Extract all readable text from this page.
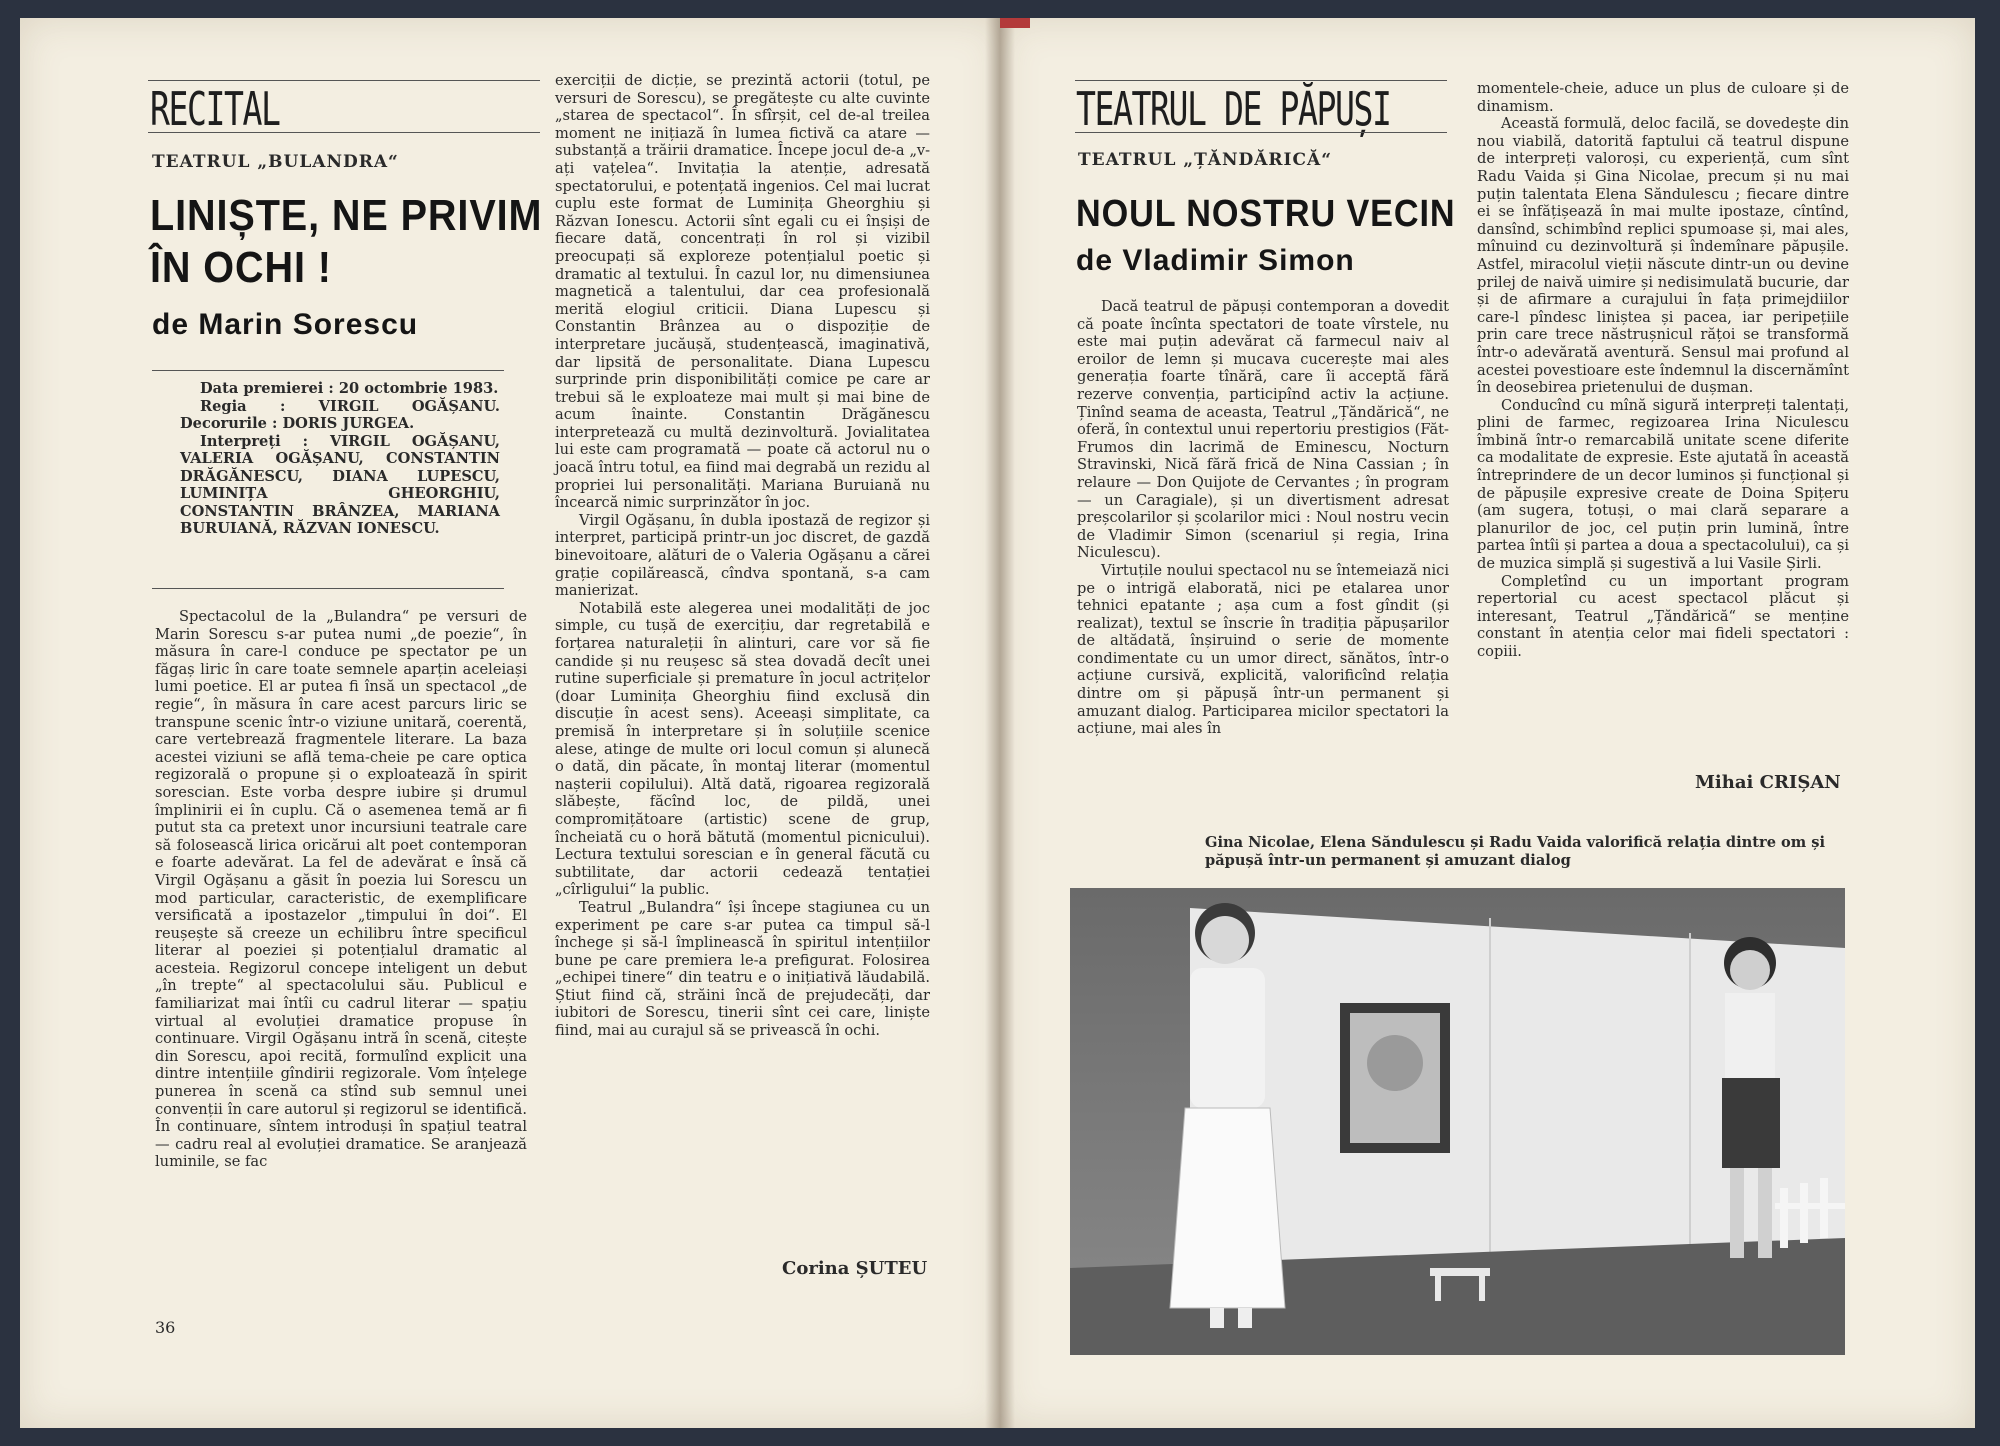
RECITAL
TEATRUL „BULANDRA“
LINIȘTE, NE PRIVIM
ÎN OCHI !
de Marin Sorescu

Data premierei : 20 octombrie 1983.

Regia : VIRGIL OGĂȘANU. Decorurile : DORIS JURGEA.

Interpreți : VIRGIL OGĂȘANU, VALERIA OGĂȘANU, CONSTANTIN DRĂGĂNESCU, DIANA LUPESCU, LUMINIȚA GHEORGHIU, CONSTANTIN BRÂNZEA, MARIANA BURUIANĂ, RĂZVAN IONESCU.

Spectacolul de la „Bulandra“ pe versuri de Marin Sorescu s-ar putea numi „de poezie“, în măsura în care-l conduce pe spectator pe un făgaș liric în care toate semnele aparțin aceleiași lumi poetice. El ar putea fi însă un spectacol „de regie“, în măsura în care acest parcurs liric se transpune scenic într-o viziune unitară, coerentă, care vertebrează fragmentele literare. La baza acestei viziuni se află tema-cheie pe care optica regizorală o propune și o exploatează în spirit sorescian. Este vorba despre iubire și drumul împlinirii ei în cuplu. Că o asemenea temă ar fi putut sta ca pretext unor incursiuni teatrale care să folosească lirica oricărui alt poet contemporan e foarte adevărat. La fel de adevărat e însă că Virgil Ogășanu a găsit în poezia lui Sorescu un mod particular, caracteristic, de exemplificare versificată a ipostazelor „timpului în doi“. El reușește să creeze un echilibru între specificul literar al poeziei și potențialul dramatic al acesteia. Regizorul concepe inteligent un debut „în trepte“ al spectacolului său. Publicul e familiarizat mai întîi cu cadrul literar — spațiu virtual al evoluției dramatice propuse în continuare. Virgil Ogășanu intră în scenă, citește din Sorescu, apoi recită, formulînd explicit una dintre intențiile gîndirii regizorale. Vom înțelege punerea în scenă ca stînd sub semnul unei convenții în care autorul și regizorul se identifică. În continuare, sîntem introduși în spațiul teatral — cadru real al evoluției dramatice. Se aranjează luminile, se fac

exerciții de dicție, se prezintă actorii (totul, pe versuri de Sorescu), se pregătește cu alte cuvinte „starea de spectacol“. În sfîrșit, cel de-al treilea moment ne inițiază în lumea fictivă ca atare — substanță a trăirii dramatice. Începe jocul de-a „v-ați vațelea“. Invitația la atenție, adresată spectatorului, e potențată ingenios. Cel mai lucrat cuplu este format de Luminița Gheorghiu și Răzvan Ionescu. Actorii sînt egali cu ei înșiși de fiecare dată, concentrați în rol și vizibil preocupați să exploreze potențialul poetic și dramatic al textului. În cazul lor, nu dimensiunea magnetică a talentului, dar cea profesională merită elogiul criticii. Diana Lupescu și Constantin Brânzea au o dispoziție de interpretare jucăușă, studențească, imaginativă, dar lipsită de personalitate. Diana Lupescu surprinde prin disponibilități comice pe care ar trebui să le exploateze mai mult și mai bine de acum înainte. Constantin Drăgănescu interpretează cu multă dezinvoltură. Jovialitatea lui este cam programată — poate că actorul nu o joacă întru totul, ea fiind mai degrabă un rezidu al propriei lui personalități. Mariana Buruiană nu încearcă nimic surprinzător în joc.

Virgil Ogășanu, în dubla ipostază de regizor și interpret, participă printr-un joc discret, de gazdă binevoitoare, alături de o Valeria Ogășanu a cărei grație copilărească, cîndva spontană, s-a cam manierizat.

Notabilă este alegerea unei modalități de joc simple, cu tușă de exercițiu, dar regretabilă e forțarea naturaleții în alinturi, care vor să fie candide și nu reușesc să stea dovadă decît unei rutine superficiale și premature în jocul actrițelor (doar Luminița Gheorghiu fiind exclusă din discuție în acest sens). Aceeași simplitate, ca premisă în interpretare și în soluțiile scenice alese, atinge de multe ori locul comun și alunecă o dată, din păcate, în montaj literar (momentul nașterii copilului). Altă dată, rigoarea regizorală slăbește, făcînd loc, de pildă, unei compromițătoare (artistic) scene de grup, încheiată cu o horă bătută (momentul picnicului). Lectura textului sorescian e în general făcută cu subtilitate, dar actorii cedează tentației „cîrligului“ la public.

Teatrul „Bulandra“ își începe stagiunea cu un experiment pe care s-ar putea ca timpul să-l închege și să-l împlinească în spiritul intențiilor bune pe care premiera le-a prefigurat. Folosirea „echipei tinere“ din teatru e o inițiativă lăudabilă. Știut fiind că, străini încă de prejudecăți, dar iubitori de Sorescu, tinerii sînt cei care, liniște fiind, mai au curajul să se privească în ochi.

Corina ȘUTEU
36
TEATRUL DE PĂPUȘI
TEATRUL „ȚĂNDĂRICĂ“
NOUL NOSTRU VECIN
de Vladimir Simon

Dacă teatrul de păpuși contemporan a dovedit că poate încînta spectatori de toate vîrstele, nu este mai puțin adevărat că farmecul naiv al eroilor de lemn și mucava cucerește mai ales generația foarte tînără, care îi acceptă fără rezerve convenția, participînd activ la acțiune. Ținînd seama de aceasta, Teatrul „Țăndărică“, ne oferă, în contextul unui repertoriu prestigios (Făt-Frumos din lacrimă de Eminescu, Nocturn Stravinski, Nică fără frică de Nina Cassian ; în relaure — Don Quijote de Cervantes ; în program — un Caragiale), și un divertisment adresat preșcolarilor și școlarilor mici : Noul nostru vecin de Vladimir Simon (scenariul și regia, Irina Niculescu).

Virtuțile noului spectacol nu se întemeiază nici pe o intrigă elaborată, nici pe etalarea unor tehnici epatante ; așa cum a fost gîndit (și realizat), textul se înscrie în tradiția păpușarilor de altădată, înșiruind o serie de momente condimentate cu un umor direct, sănătos, într-o acțiune cursivă, explicită, valorificînd relația dintre om și păpușă într-un permanent și amuzant dialog. Participarea micilor spectatori la acțiune, mai ales în

momentele-cheie, aduce un plus de culoare și de dinamism.

Această formulă, deloc facilă, se dovedește din nou viabilă, datorită faptului că teatrul dispune de interpreți valoroși, cu experiență, cum sînt Radu Vaida și Gina Nicolae, precum și nu mai puțin talentata Elena Săndulescu ; fiecare dintre ei se înfățișează în mai multe ipostaze, cîntînd, dansînd, schimbînd replici spumoase și, mai ales, mînuind cu dezinvoltură și îndemînare păpușile. Astfel, miracolul vieții născute dintr-un ou devine prilej de naivă uimire și nedisimulată bucurie, dar și de afirmare a curajului în fața primejdiilor care-l pîndesc liniștea și pacea, iar peripețiile prin care trece năstrușnicul rățoi se transformă într-o adevărată aventură. Sensul mai profund al acestei povestioare este îndemnul la discernămînt în deosebirea prietenului de dușman.

Conducînd cu mînă sigură interpreți talentați, plini de farmec, regizoarea Irina Niculescu îmbină într-o remarcabilă unitate scene diferite ca modalitate de expresie. Este ajutată în această întreprindere de un decor luminos și funcțional și de păpușile expresive create de Doina Spițeru (am sugera, totuși, o mai clară separare a planurilor de joc, cel puțin prin lumină, între partea întîi și partea a doua a spectacolului), ca și de muzica simplă și sugestivă a lui Vasile Șirli.

Completînd cu un important program repertorial cu acest spectacol plăcut și interesant, Teatrul „Țăndărică“ se menține constant în atenția celor mai fideli spectatori : copiii.

Mihai CRIȘAN
Gina Nicolae, Elena Săndulescu și Radu Vaida valorifică relația dintre om și păpușă într-un permanent și amuzant dialog
